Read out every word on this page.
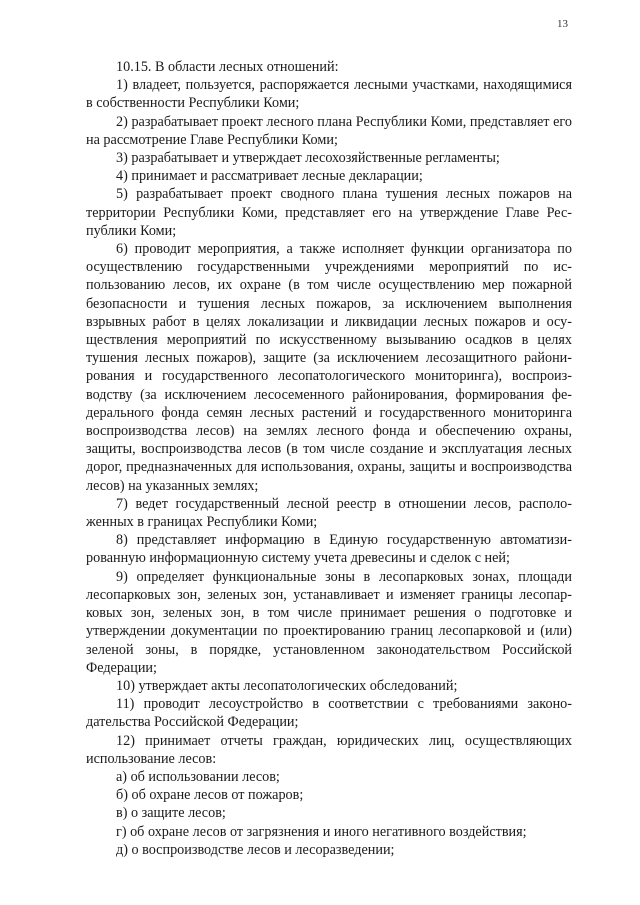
13

10.15. В области лесных отношений:

1) владеет, пользуется, распоряжается лесными участками, находящимися в собственности Республики Коми;

2) разрабатывает проект лесного плана Республики Коми, представляет его на рассмотрение Главе Республики Коми;

3) разрабатывает и утверждает лесохозяйственные регламенты;

4) принимает и рассматривает лесные декларации;

5) разрабатывает проект сводного плана тушения лесных пожаров на территории Республики Коми, представляет его на утверждение Главе Республики Коми;

6) проводит мероприятия, а также исполняет функции организатора по осуществлению государственными учреждениями мероприятий по использованию лесов, их охране (в том числе осуществлению мер пожарной безопасности и тушения лесных пожаров, за исключением выполнения взрывных работ в целях локализации и ликвидации лесных пожаров и осуществления мероприятий по искусственному вызыванию осадков в целях тушения лесных пожаров), защите (за исключением лесозащитного районирования и государственного лесопатологического мониторинга), воспроизводству (за исключением лесосеменного районирования, формирования федерального фонда семян лесных растений и государственного мониторинга воспроизводства лесов) на землях лесного фонда и обеспечению охраны, защиты, воспроизводства лесов (в том числе создание и эксплуатация лесных дорог, предназначенных для использования, охраны, защиты и воспроизводства лесов) на указанных землях;

7) ведет государственный лесной реестр в отношении лесов, расположенных в границах Республики Коми;

8) представляет информацию в Единую государственную автоматизированную информационную систему учета древесины и сделок с ней;

9) определяет функциональные зоны в лесопарковых зонах, площади лесопарковых зон, зеленых зон, устанавливает и изменяет границы лесопарковых зон, зеленых зон, в том числе принимает решения о подготовке и утверждении документации по проектированию границ лесопарковой и (или) зеленой зоны, в порядке, установленном законодательством Российской Федерации;

10) утверждает акты лесопатологических обследований;

11) проводит лесоустройство в соответствии с требованиями законодательства Российской Федерации;

12) принимает отчеты граждан, юридических лиц, осуществляющих использование лесов:

а) об использовании лесов;

б) об охране лесов от пожаров;

в) о защите лесов;

г) об охране лесов от загрязнения и иного негативного воздействия;

д) о воспроизводстве лесов и лесоразведении;
